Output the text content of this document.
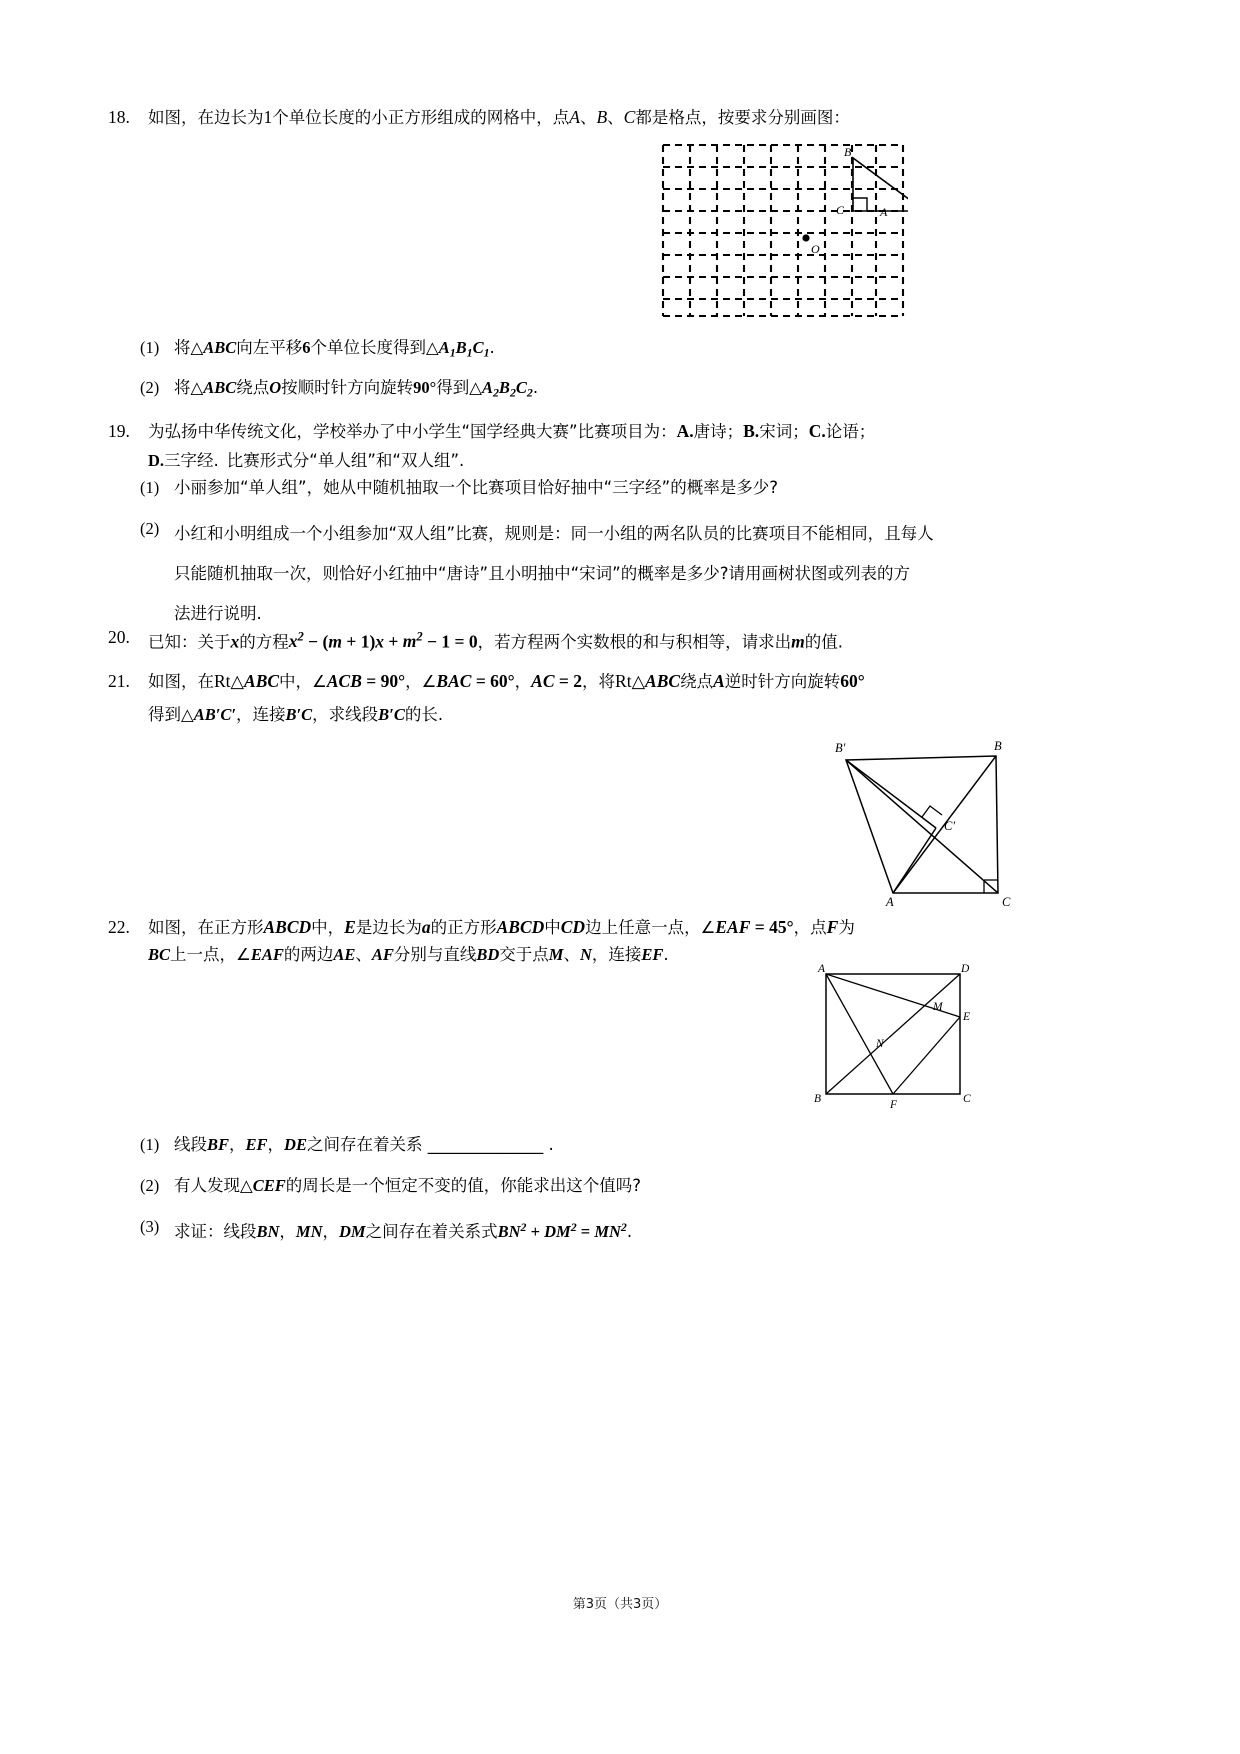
18.	如图，在边长为1个单位长度的小正方形组成的网格中，点A、B、C都是格点，按要求分别画图：
O
B
C	A
(1) 将△ABC向左平移6个单位长度得到$\triangle A_1B_1C_1$.
(2) 将△ABC绕点O按顺时针方向旋转90°得到$\triangle A_2B_2C_2$.
19.	为弘扬中华传统文化，学校举办了中小学生“国学经典大赛”比赛项目为：A.唐诗；B.宋词；C.论语；
D. 三字经. 比赛形式分“单人组”和“双人组”.
(1) 小丽参加“单人组”，她从中随机抽取一个比赛项目恰好抽中“三字经”的概率是多少?
(2) 小红和小明组成一个小组参加“双人组”比赛，规则是：同一小组的两名队员的比赛项目不能相同，且每人
只能随机抽取一次，则恰好小红抽中“唐诗”且小明抽中“宋词”的概率是多少?请用画树状图或列表的方
法进行说明.
20.	已知：关于x的方程$x^2 - (m + 1)x + m^2 - 1 = 0$，若方程两个实数根的和与积相等，请求出m的值.
21.	如图，在Rt△ABC中，∠ACB = 90°，∠BAC = 60°，AC = 2，将Rt△ABC绕点A逆时针方向旋转60°
得到△ AB′C′ ，连接 B′C ，求线段 B′C 的长.
B′	B
C′
A	C
22.	如图，在正方形ABCD中，E是边长为a的正方形ABCD中CD边上任意一点，∠EAF = 45°，点F为
BC 上一点，∠ EAF 的两边 AE 、 AF 分别与直线 BD 交于点 M 、 N ，连接 EF .
A	D
M
E
N
B	F	C
(1) 线段BF，EF，DE之间存在着关系 ______________ .
(2) 有人发现△CEF的周长是一个恒定不变的值，你能求出这个值吗?
(3) 求证：线段BN，MN，DM之间存在着关系式$BN^2 + DM^2 = MN^2$.
第3页（共3页）
